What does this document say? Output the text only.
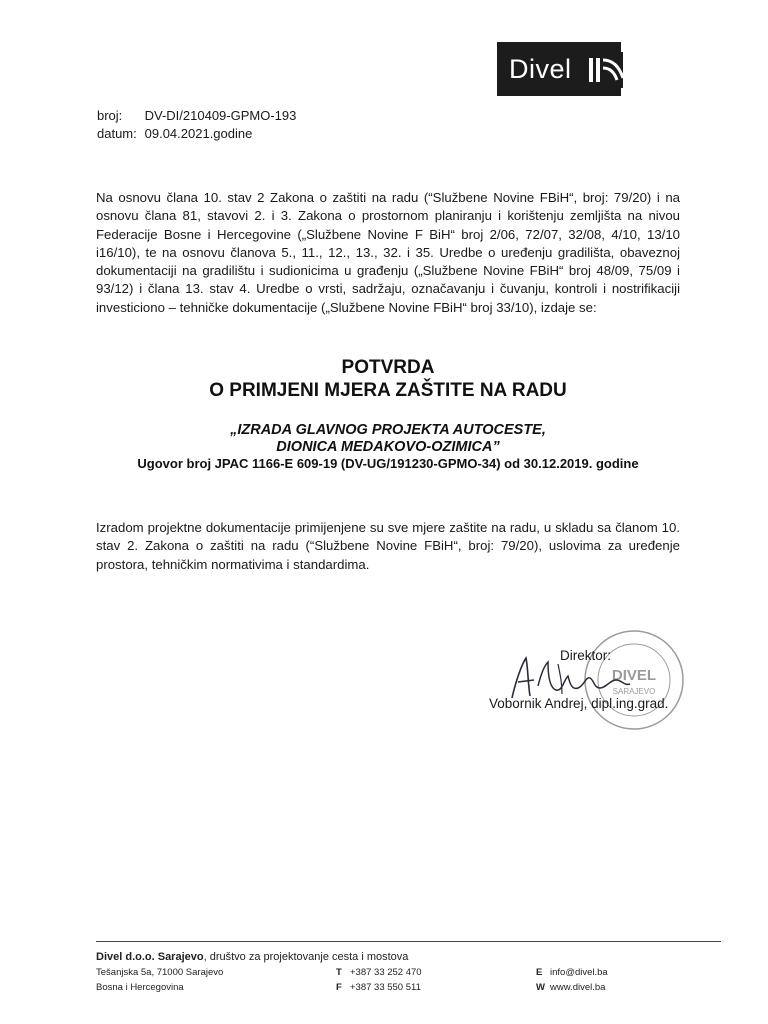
Divel
broj: DV-DI/210409-GPMO-193
datum: 09.04.2021.godine

Na osnovu člana 10. stav 2 Zakona o zaštiti na radu (“Službene Novine FBiH“, broj: 79/20) i na osnovu člana 81, stavovi 2. i 3. Zakona o prostornom planiranju i korištenju zemljišta na nivou Federacije Bosne i Hercegovine („Službene Novine F BiH“ broj 2/06, 72/07, 32/08, 4/10, 13/10 i16/10), te na osnovu članova 5., 11., 12., 13., 32. i 35. Uredbe o uređenju gradilišta, obaveznoj dokumentaciji na gradilištu i sudionicima u građenju („Službene Novine FBiH“ broj 48/09, 75/09 i 93/12) i člana 13. stav 4. Uredbe o vrsti, sadržaju, označavanju i čuvanju, kontroli i nostrifikaciji investiciono – tehničke dokumentacije („Službene Novine FBiH“ broj 33/10), izdaje se:

POTVRDA
O PRIMJENI MJERA ZAŠTITE NA RADU
„IZRADA GLAVNOG PROJEKTA AUTOCESTE,
DIONICA MEDAKOVO-OZIMICA”
Ugovor broj JPAC 1166-E 609-19 (DV-UG/191230-GPMO-34) od 30.12.2019. godine

Izradom projektne dokumentacije primijenjene su sve mjere zaštite na radu, u skladu sa članom 10. stav 2. Zakona o zaštiti na radu (“Službene Novine FBiH“, broj: 79/20), uslovima za uređenje prostora, tehničkim normativima i standardima.

DIVEL
SARAJEVO
Direktor:
Vobornik Andrej, dipl.ing.grad.
Divel d.o.o. Sarajevo, društvo za projektovanje cesta i mostova
Tešanjska 5a, 71000 Sarajevo	T +387 33 252 470	E info@divel.ba
Bosna i Hercegovina	F +387 33 550 511	W www.divel.ba
